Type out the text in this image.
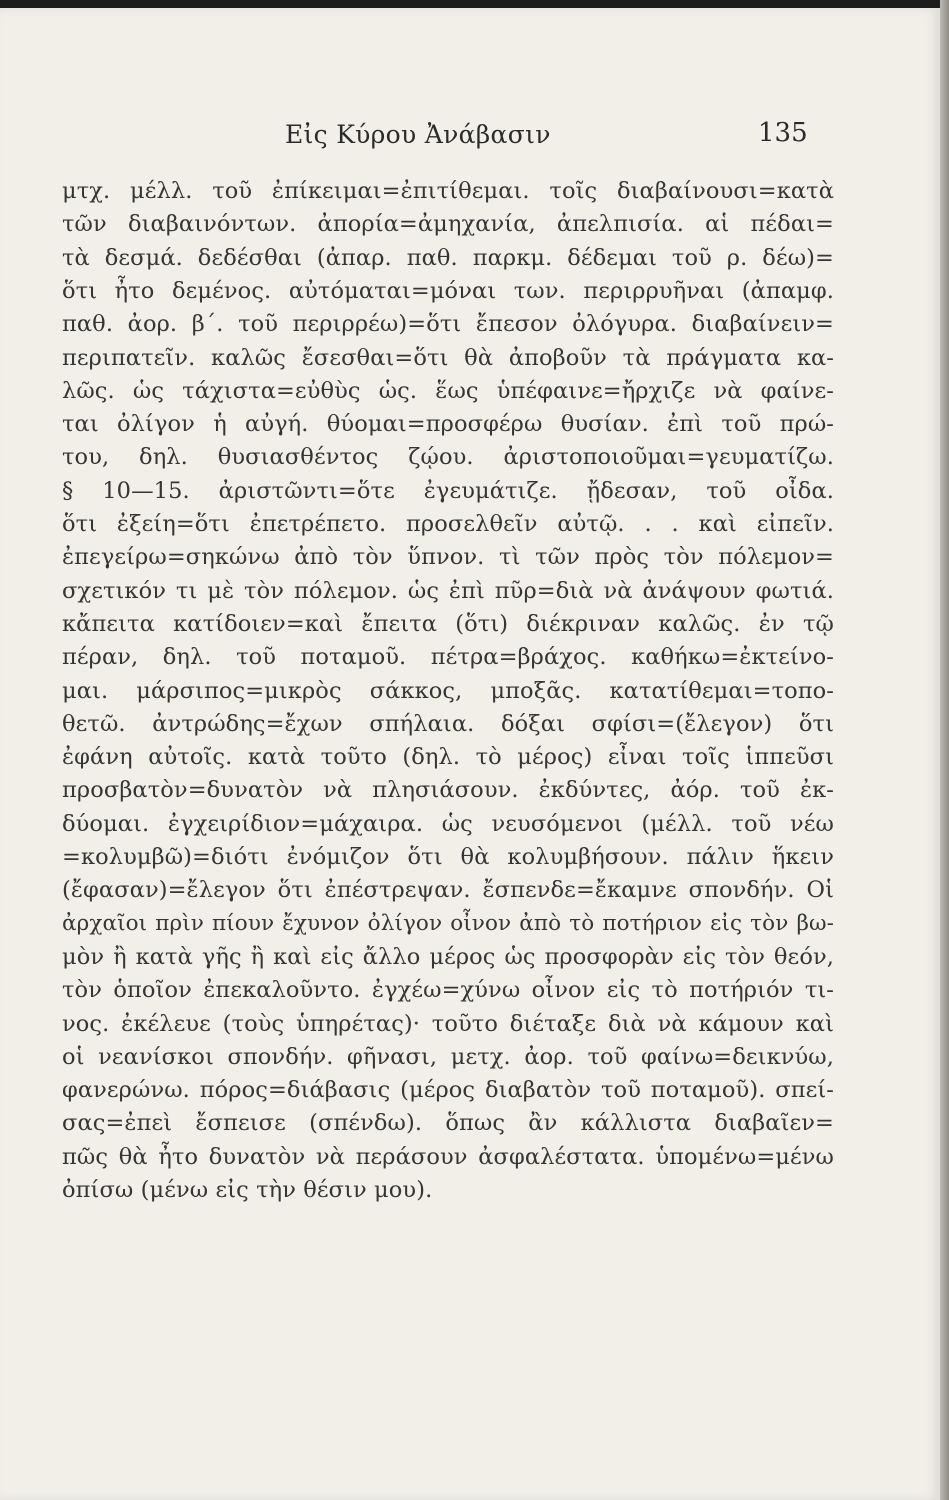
Εἰς Κύρου Ἀνάβασιν	135
μτχ. μέλλ. τοῦ ἐπίκειμαι=ἐπιτίθεμαι. τοῖς διαβαίνουσι=κατὰ
τῶν διαβαινόντων. ἀπορία=ἀμηχανία, ἀπελπισία. αἱ πέδαι=
τὰ δεσμά. δεδέσθαι (ἀπαρ. παθ. παρκμ. δέδεμαι τοῦ ρ. δέω)=
ὅτι ἦτο δεμένος. αὐτόμαται=μόναι των. περιρρυῆναι (ἀπαμφ.
παθ. ἀορ. β΄. τοῦ περιρρέω)=ὅτι ἔπεσον ὀλόγυρα. διαβαίνειν=
περιπατεῖν. καλῶς ἔσεσθαι=ὅτι θὰ ἀποβοῦν τὰ πράγματα κα-
λῶς. ὡς τάχιστα=εὐθὺς ὡς. ἕως ὑπέφαινε=ἤρχιζε νὰ φαίνε-
ται ὀλίγον ἡ αὐγή. θύομαι=προσφέρω θυσίαν. ἐπὶ τοῦ πρώ-
του, δηλ. θυσιασθέντος ζῴου. ἀριστοποιοῦμαι=γευματίζω.
§ 10—15. ἀριστῶντι=ὅτε ἐγευμάτιζε. ᾔδεσαν, τοῦ οἶδα.
ὅτι ἐξείη=ὅτι ἐπετρέπετο. προσελθεῖν αὐτῷ. . . καὶ εἰπεῖν.
ἐπεγείρω=σηκώνω ἀπὸ τὸν ὕπνον. τὶ τῶν πρὸς τὸν πόλεμον=
σχετικόν τι μὲ τὸν πόλεμον. ὡς ἐπὶ πῦρ=διὰ νὰ ἀνάψουν φωτιά.
κἄπειτα κατίδοιεν=καὶ ἔπειτα (ὅτι) διέκριναν καλῶς. ἐν τῷ
πέραν, δηλ. τοῦ ποταμοῦ. πέτρα=βράχος. καθήκω=ἐκτείνο-
μαι. μάρσιπος=μικρὸς σάκκος, μποξᾶς. κατατίθεμαι=τοπο-
θετῶ. ἀντρώδης=ἔχων σπήλαια. δόξαι σφίσι=(ἔλεγον) ὅτι
ἐφάνη αὐτοῖς. κατὰ τοῦτο (δηλ. τὸ μέρος) εἶναι τοῖς ἱππεῦσι
προσβατὸν=δυνατὸν νὰ πλησιάσουν. ἐκδύντες, ἀόρ. τοῦ ἐκ-
δύομαι. ἐγχειρίδιον=μάχαιρα. ὡς νευσόμενοι (μέλλ. τοῦ νέω
=κολυμβῶ)=διότι ἐνόμιζον ὅτι θὰ κολυμβήσουν. πάλιν ἥκειν
(ἔφασαν)=ἔλεγον ὅτι ἐπέστρεψαν. ἔσπενδε=ἔκαμνε σπονδήν. Οἱ
ἀρχαῖοι πρὶν πίουν ἔχυνον ὀλίγον οἶνον ἀπὸ τὸ ποτήριον εἰς τὸν βω-
μὸν ἢ κατὰ γῆς ἢ καὶ εἰς ἄλλο μέρος ὡς προσφορὰν εἰς τὸν θεόν,
τὸν ὁποῖον ἐπεκαλοῦντο. ἐγχέω=χύνω οἶνον εἰς τὸ ποτήριόν τι-
νος. ἐκέλευε (τοὺς ὑπηρέτας)· τοῦτο διέταξε διὰ νὰ κάμουν καὶ
οἱ νεανίσκοι σπονδήν. φῆνασι, μετχ. ἀορ. τοῦ φαίνω=δεικνύω,
φανερώνω. πόρος=διάβασις (μέρος διαβατὸν τοῦ ποταμοῦ). σπεί-
σας=ἐπεὶ ἔσπεισε (σπένδω). ὅπως ἂν κάλλιστα διαβαῖεν=
πῶς θὰ ἦτο δυνατὸν νὰ περάσουν ἀσφαλέστατα. ὑπομένω=μένω
ὀπίσω (μένω εἰς τὴν θέσιν μου).
